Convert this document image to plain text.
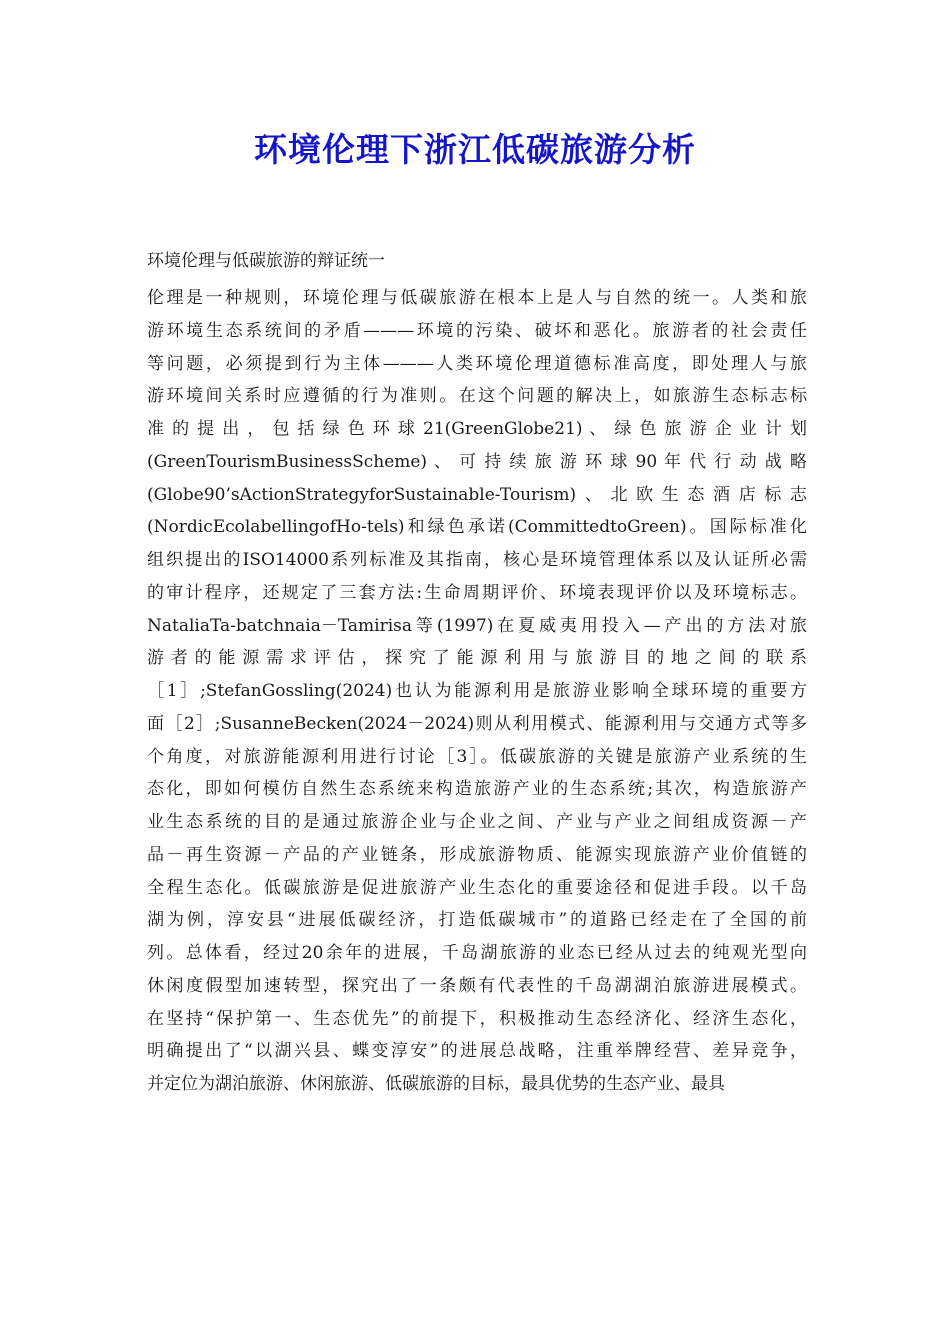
环境伦理下浙江低碳旅游分析
环境伦理与低碳旅游的辩证统一
伦理是一种规则，环境伦理与低碳旅游在根本上是人与自然的统一。人类和旅
游环境生态系统间的矛盾———环境的污染、破坏和恶化。旅游者的社会责任
等问题，必须提到行为主体———人类环境伦理道德标准高度，即处理人与旅
游环境间关系时应遵循的行为准则。在这个问题的解决上，如旅游生态标志标
准 的 提 出 ， 包 括 绿 色 环 球 21(GreenGlobe21) 、 绿 色 旅 游 企 业 计 划
(GreenTourismBusinessScheme) 、 可 持 续 旅 游 环 球 90 年 代 行 动 战 略
(Globe90’sActionStrategyforSustainable-Tourism)、北欧生态酒店标志
(NordicEcolabellingofHo-tels)和绿色承诺(CommittedtoGreen)。国际标准化
组织提出的ISO14000系列标准及其指南，核心是环境管理体系以及认证所必需
的审计程序，还规定了三套方法:生命周期评价、环境表现评价以及环境标志。
NataliaTa-batchnaia－Tamirisa等(1997)在夏威夷用投入—产出的方法对旅
游 者 的 能 源 需 求 评 估 ， 探 究 了 能 源 利 用 与 旅 游 目 的 地 之 间 的 联 系
［1］;StefanGossling(2024)也认为能源利用是旅游业影响全球环境的重要方
面［2］;SusanneBecken(2024－2024)则从利用模式、能源利用与交通方式等多
个角度，对旅游能源利用进行讨论［3］。低碳旅游的关键是旅游产业系统的生
态化，即如何模仿自然生态系统来构造旅游产业的生态系统;其次，构造旅游产
业生态系统的目的是通过旅游企业与企业之间、产业与产业之间组成资源－产
品－再生资源－产品的产业链条，形成旅游物质、能源实现旅游产业价值链的
全程生态化。低碳旅游是促进旅游产业生态化的重要途径和促进手段。以千岛
湖为例，淳安县“进展低碳经济，打造低碳城市”的道路已经走在了全国的前
列。总体看，经过20余年的进展，千岛湖旅游的业态已经从过去的纯观光型向
休闲度假型加速转型，探究出了一条颇有代表性的千岛湖湖泊旅游进展模式。
在坚持“保护第一、生态优先”的前提下，积极推动生态经济化、经济生态化，
明确提出了“以湖兴县、蝶变淳安”的进展总战略，注重举牌经营、差异竞争，
并定位为湖泊旅游、休闲旅游、低碳旅游的目标，最具优势的生态产业、最具
